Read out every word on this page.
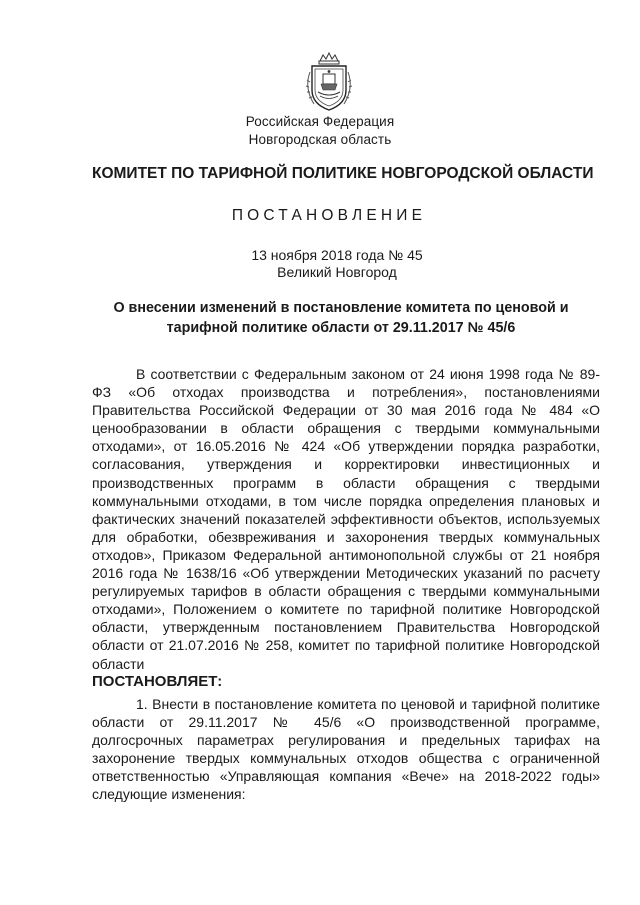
Российская Федерация
Новгородская область
КОМИТЕТ ПО ТАРИФНОЙ ПОЛИТИКЕ НОВГОРОДСКОЙ ОБЛАСТИ
ПОСТАНОВЛЕНИЕ
13 ноября 2018 года № 45
Великий Новгород
О внесении изменений в постановление комитета по ценовой и тарифной политике области от 29.11.2017 № 45/6

В соответствии с Федеральным законом от 24 июня 1998 года № 89-ФЗ «Об отходах производства и потребления», постановлениями Правительства Российской Федерации от 30 мая 2016 года № 484 «О ценообразовании в области обращения с твердыми коммунальными отходами», от 16.05.2016 № 424 «Об утверждении порядка разработки, согласования, утверждения и корректировки инвестиционных и производственных программ в области обращения с твердыми коммунальными отходами, в том числе порядка определения плановых и фактических значений показателей эффективности объектов, используемых для обработки, обезвреживания и захоронения твердых коммунальных отходов», Приказом Федеральной антимонопольной службы от 21 ноября 2016 года № 1638/16 «Об утверждении Методических указаний по расчету регулируемых тарифов в области обращения с твердыми коммунальными отходами», Положением о комитете по тарифной политике Новгородской области, утвержденным постановлением Правительства Новгородской области от 21.07.2016 № 258, комитет по тарифной политике Новгородской области

ПОСТАНОВЛЯЕТ:

1. Внести в постановление комитета по ценовой и тарифной политике области от 29.11.2017 № 45/6 «О производственной программе, долгосрочных параметрах регулирования и предельных тарифах на захоронение твердых коммунальных отходов общества с ограниченной ответственностью «Управляющая компания «Вече» на 2018-2022 годы» следующие изменения:
